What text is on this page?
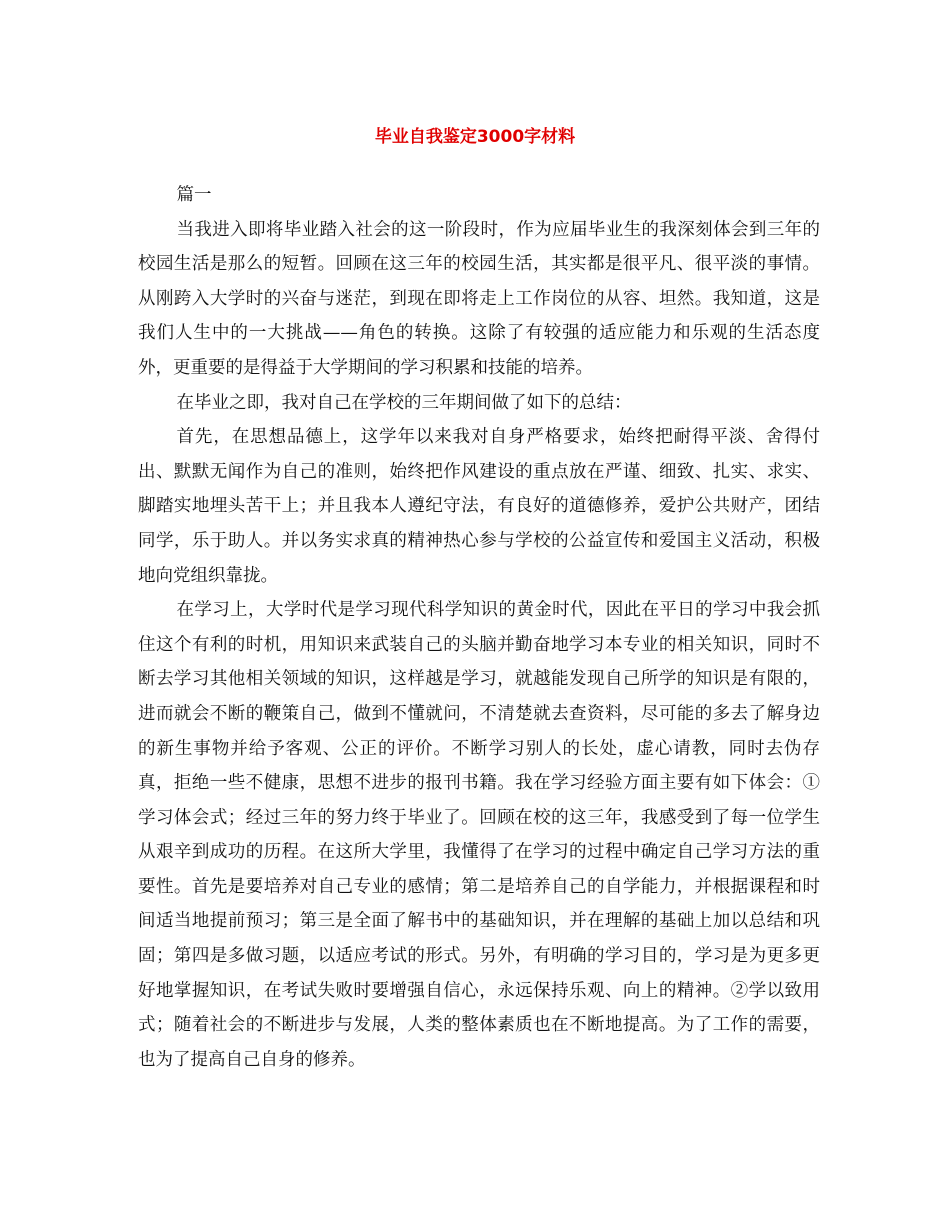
毕业自我鉴定3000字材料

篇一

当我进入即将毕业踏入社会的这一阶段时，作为应届毕业生的我深刻体会到三年的校园生活是那么的短暂。回顾在这三年的校园生活，其实都是很平凡、很平淡的事情。从刚跨入大学时的兴奋与迷茫，到现在即将走上工作岗位的从容、坦然。我知道，这是我们人生中的一大挑战——角色的转换。这除了有较强的适应能力和乐观的生活态度外，更重要的是得益于大学期间的学习积累和技能的培养。

在毕业之即，我对自己在学校的三年期间做了如下的总结：

首先，在思想品德上，这学年以来我对自身严格要求，始终把耐得平淡、舍得付出、默默无闻作为自己的准则，始终把作风建设的重点放在严谨、细致、扎实、求实、脚踏实地埋头苦干上；并且我本人遵纪守法，有良好的道德修养，爱护公共财产，团结同学，乐于助人。并以务实求真的精神热心参与学校的公益宣传和爱国主义活动，积极地向党组织靠拢。

在学习上，大学时代是学习现代科学知识的黄金时代，因此在平日的学习中我会抓住这个有利的时机，用知识来武装自己的头脑并勤奋地学习本专业的相关知识，同时不断去学习其他相关领域的知识，这样越是学习，就越能发现自己所学的知识是有限的，进而就会不断的鞭策自己，做到不懂就问，不清楚就去查资料，尽可能的多去了解身边的新生事物并给予客观、公正的评价。不断学习别人的长处，虚心请教，同时去伪存真，拒绝一些不健康，思想不进步的报刊书籍。我在学习经验方面主要有如下体会：①学习体会式；经过三年的努力终于毕业了。回顾在校的这三年，我感受到了每一位学生从艰辛到成功的历程。在这所大学里，我懂得了在学习的过程中确定自己学习方法的重要性。首先是要培养对自己专业的感情；第二是培养自己的自学能力，并根据课程和时间适当地提前预习；第三是全面了解书中的基础知识，并在理解的基础上加以总结和巩固；第四是多做习题，以适应考试的形式。另外，有明确的学习目的，学习是为更多更好地掌握知识，在考试失败时要增强自信心，永远保持乐观、向上的精神。②学以致用式；随着社会的不断进步与发展，人类的整体素质也在不断地提高。为了工作的需要，也为了提高自己自身的修养。
